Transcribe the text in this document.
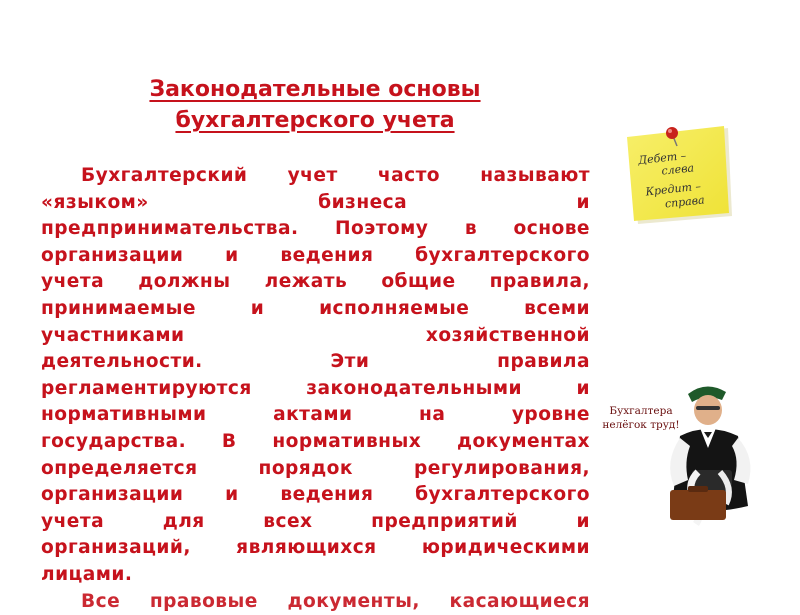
Законодательные основы
бухгалтерского учета
Бухгалтерский учет часто называют
«языком» бизнеса и
предпринимательства. Поэтому в основе
организации и ведения бухгалтерского
учета должны лежать общие правила,
принимаемые и исполняемые всеми
участниками хозяйственной
деятельности. Эти правила
регламентируются законодательными и
нормативными актами на уровне
государства. В нормативных документах
определяется порядок регулирования,
организации и ведения бухгалтерского
учета для всех предприятий и
организаций, являющихся юридическими
лицами.
Все правовые документы, касающиеся
Дебет –
слева
Кредит –
справа
Бухгалтера
нелёгок труд!
